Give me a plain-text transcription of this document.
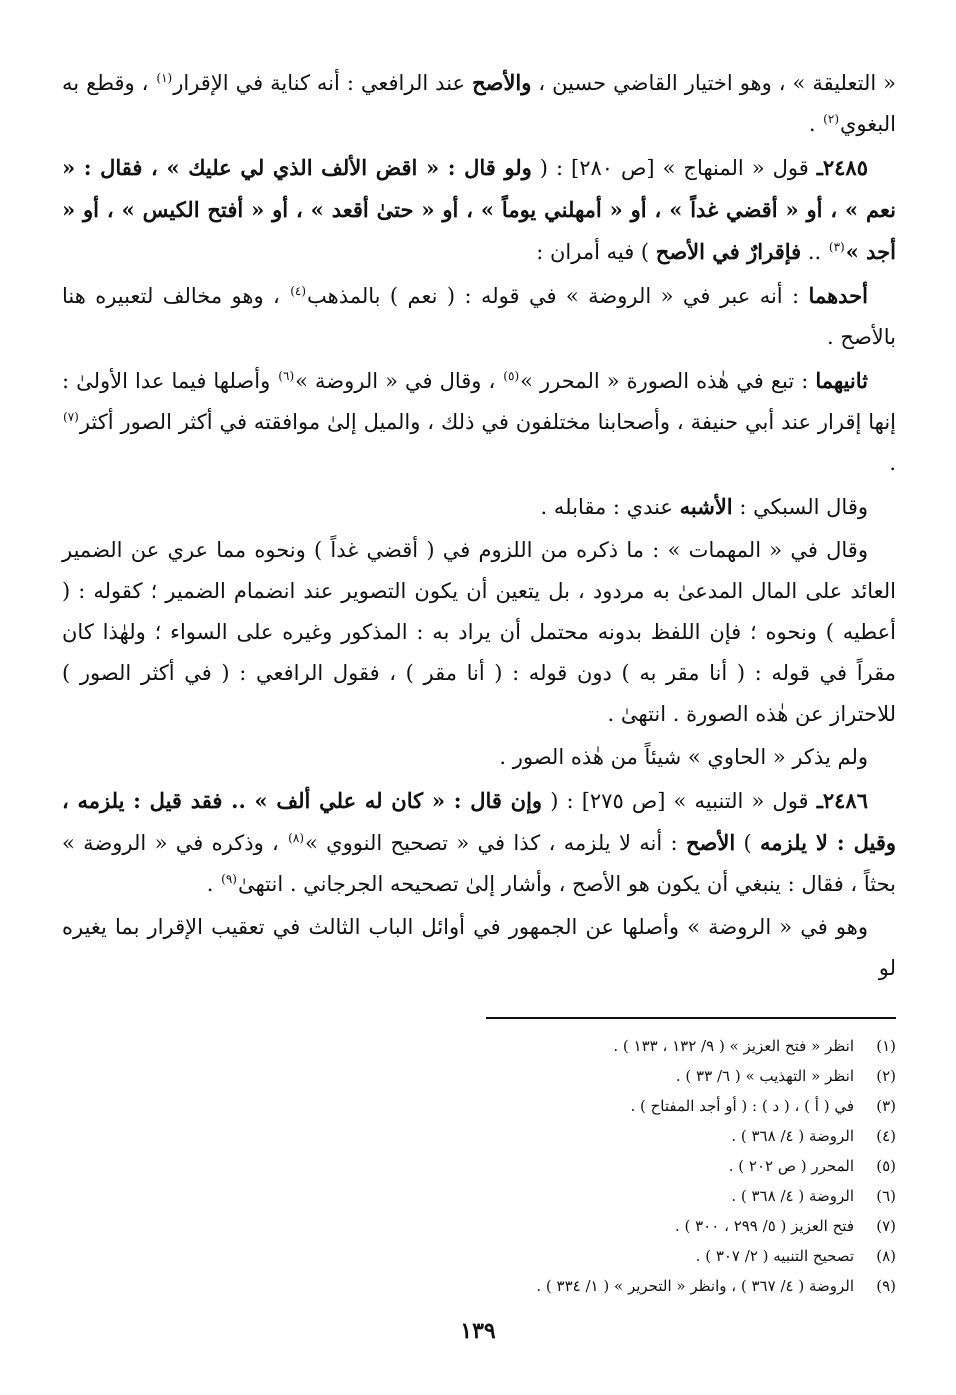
« التعليقة » ، وهو اختيار القاضي حسين ، والأصح عند الرافعي : أنه كناية في الإقرار$^{(١)}$ ، وقطع به البغوي$^{(٢)}$ .

٢٤٨٥ـ قول « المنهاج » [ص ٢٨٠] : ( ولو قال : « اقض الألف الذي لي عليك » ، فقال : « نعم » ، أو « أقضي غداً » ، أو « أمهلني يوماً » ، أو « حتىٰ أقعد » ، أو « أفتح الكيس » ، أو « أجد »$^{(٣)}$ .. فإقرارٌ في الأصح ) فيه أمران :

أحدهما : أنه عبر في « الروضة » في قوله : ( نعم ) بالمذهب$^{(٤)}$ ، وهو مخالف لتعبيره هنا بالأصح .

ثانيهما : تبع في هٰذه الصورة « المحرر »$^{(٥)}$ ، وقال في « الروضة »$^{(٦)}$ وأصلها فيما عدا الأولىٰ : إنها إقرار عند أبي حنيفة ، وأصحابنا مختلفون في ذلك ، والميل إلىٰ موافقته في أكثر الصور أكثر$^{(٧)}$ .

وقال السبكي : الأشبه عندي : مقابله .

وقال في « المهمات » : ما ذكره من اللزوم في ( أقضي غداً ) ونحوه مما عري عن الضمير العائد على المال المدعىٰ به مردود ، بل يتعين أن يكون التصوير عند انضمام الضمير ؛ كقوله : ( أعطيه ) ونحوه ؛ فإن اللفظ بدونه محتمل أن يراد به : المذكور وغيره على السواء ؛ ولهٰذا كان مقراً في قوله : ( أنا مقر به ) دون قوله : ( أنا مقر ) ، فقول الرافعي : ( في أكثر الصور ) للاحتراز عن هٰذه الصورة . انتهىٰ .

ولم يذكر « الحاوي » شيئاً من هٰذه الصور .

٢٤٨٦ـ قول « التنبيه » [ص ٢٧٥] : ( وإن قال : « كان له علي ألف » .. فقد قيل : يلزمه ، وقيل : لا يلزمه ) الأصح : أنه لا يلزمه ، كذا في « تصحيح النووي »$^{(٨)}$ ، وذكره في « الروضة » بحثاً ، فقال : ينبغي أن يكون هو الأصح ، وأشار إلىٰ تصحيحه الجرجاني . انتهىٰ$^{(٩)}$ .

وهو في « الروضة » وأصلها عن الجمهور في أوائل الباب الثالث في تعقيب الإقرار بما يغيره لو

(١)
انظر « فتح العزيز » ( ٩/ ١٣٢ ، ١٣٣ ) .
(٢)
انظر « التهذيب » ( ٦/ ٣٣ ) .
(٣)
في ( أ ) ، ( د ) : ( أو أجد المفتاح ) .
(٤)
الروضة ( ٤/ ٣٦٨ ) .
(٥)
المحرر ( ص ٢٠٢ ) .
(٦)
الروضة ( ٤/ ٣٦٨ ) .
(٧)
فتح العزيز ( ٥/ ٢٩٩ ، ٣٠٠ ) .
(٨)
تصحيح التنبيه ( ٢/ ٣٠٧ ) .
(٩)
الروضة ( ٤/ ٣٦٧ ) ، وانظر « التحرير » ( ١/ ٣٣٤ ) .
١٣٩
